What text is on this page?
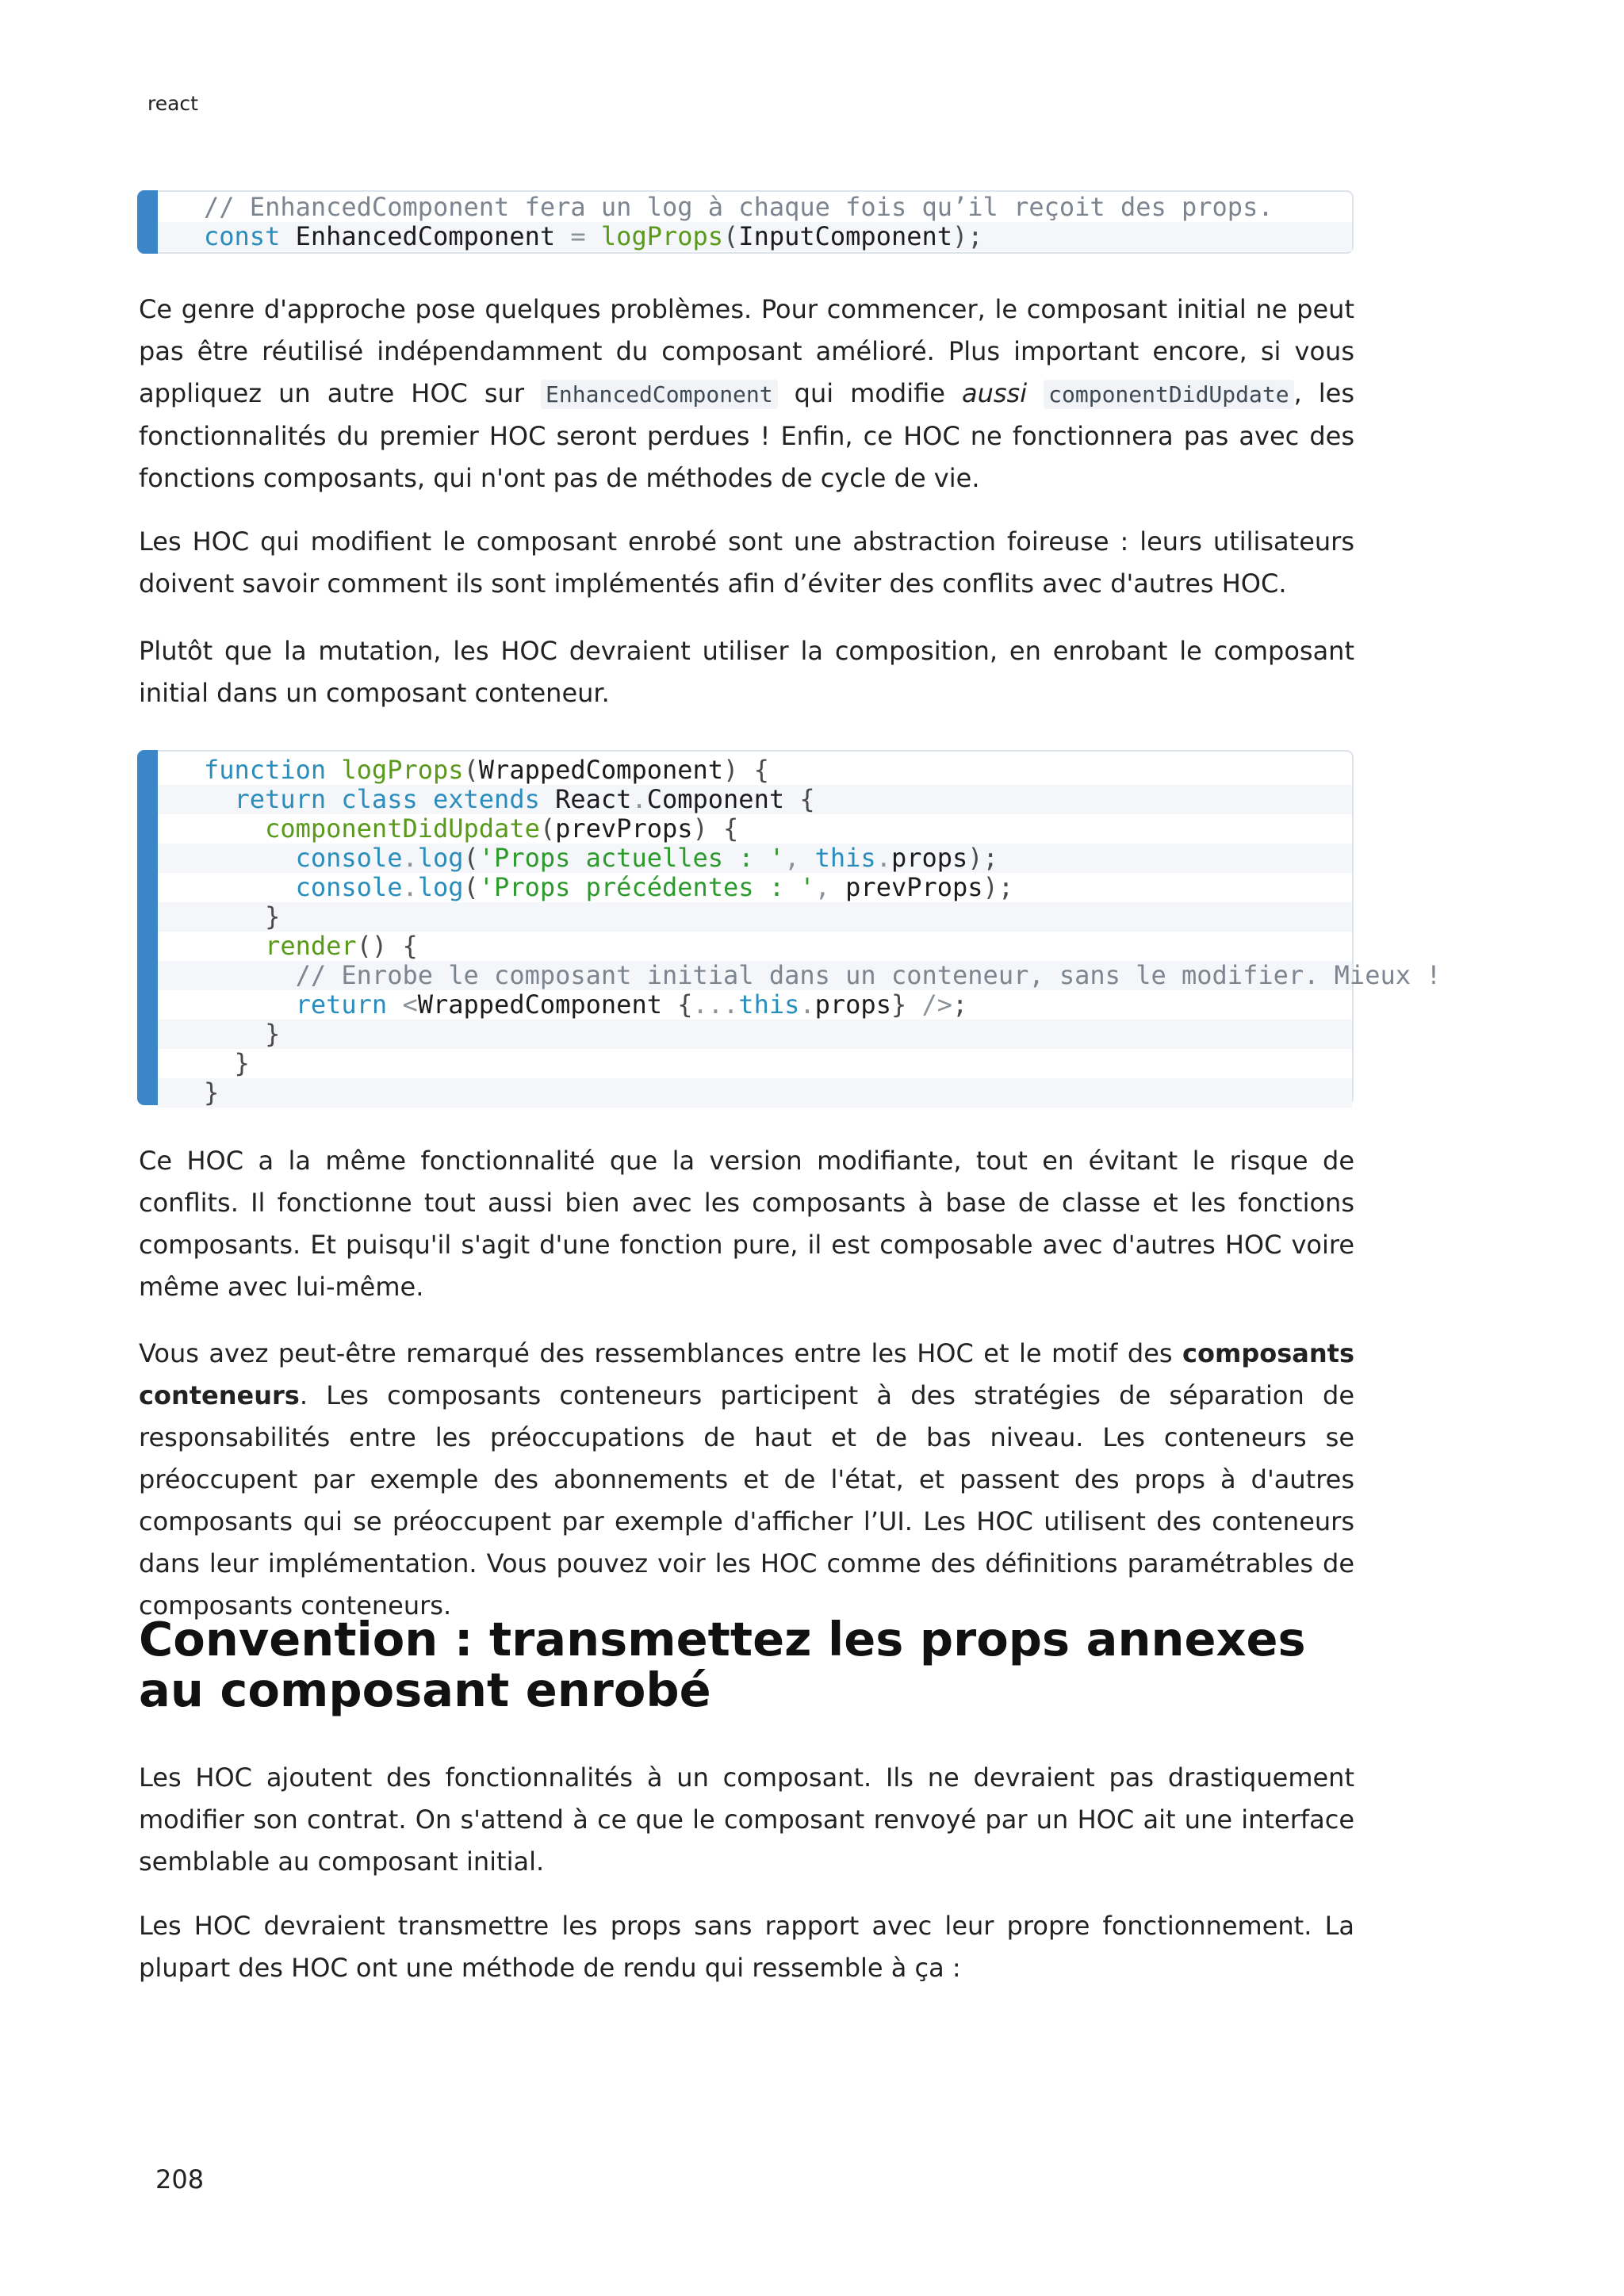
react

// EnhancedComponent fera un log à chaque fois qu’il reçoit des props.
const EnhancedComponent = logProps(InputComponent);

Ce genre d'approche pose quelques problèmes. Pour commencer, le composant initial ne peut pas être réutilisé indépendamment du composant amélioré. Plus important encore, si vous appliquez un autre HOC sur EnhancedComponent qui modifie aussi componentDidUpdate , les fonctionnalités du premier HOC seront perdues ! Enfin, ce HOC ne fonctionnera pas avec des fonctions composants, qui n'ont pas de méthodes de cycle de vie.

Les HOC qui modifient le composant enrobé sont une abstraction foireuse : leurs utilisateurs doivent savoir comment ils sont implémentés afin d’éviter des conflits avec d'autres HOC.
Plutôt que la mutation, les HOC devraient utiliser la composition, en enrobant le composant initial dans un composant conteneur.

function logProps(WrappedComponent) {
return class extends React.Component {
componentDidUpdate(prevProps) {
console.log('Props actuelles : ', this.props);
console.log('Props précédentes : ', prevProps);
}
render() {
// Enrobe le composant initial dans un conteneur, sans le modifier. Mieux !
return <WrappedComponent {...this.props} />;
}
}
}

Ce HOC a la même fonctionnalité que la version modifiante, tout en évitant le risque de conflits. Il fonctionne tout aussi bien avec les composants à base de classe et les fonctions composants. Et puisqu'il s'agit d'une fonction pure, il est composable avec d'autres HOC voire même avec lui-même.

Vous avez peut-être remarqué des ressemblances entre les HOC et le motif des composants conteneurs. Les composants conteneurs participent à des stratégies de séparation de responsabilités entre les préoccupations de haut et de bas niveau. Les conteneurs se préoccupent par exemple des abonnements et de l'état, et passent des props à d'autres composants qui se préoccupent par exemple d'afficher l’UI. Les HOC utilisent des conteneurs dans leur implémentation. Vous pouvez voir les HOC comme des définitions paramétrables de composants conteneurs.

Convention : transmettez les props annexes au composant enrobé
Les HOC ajoutent des fonctionnalités à un composant. Ils ne devraient pas drastiquement modifier son contrat. On s'attend à ce que le composant renvoyé par un HOC ait une interface semblable au composant initial.
Les HOC devraient transmettre les props sans rapport avec leur propre fonctionnement. La plupart des HOC ont une méthode de rendu qui ressemble à ça :
208
